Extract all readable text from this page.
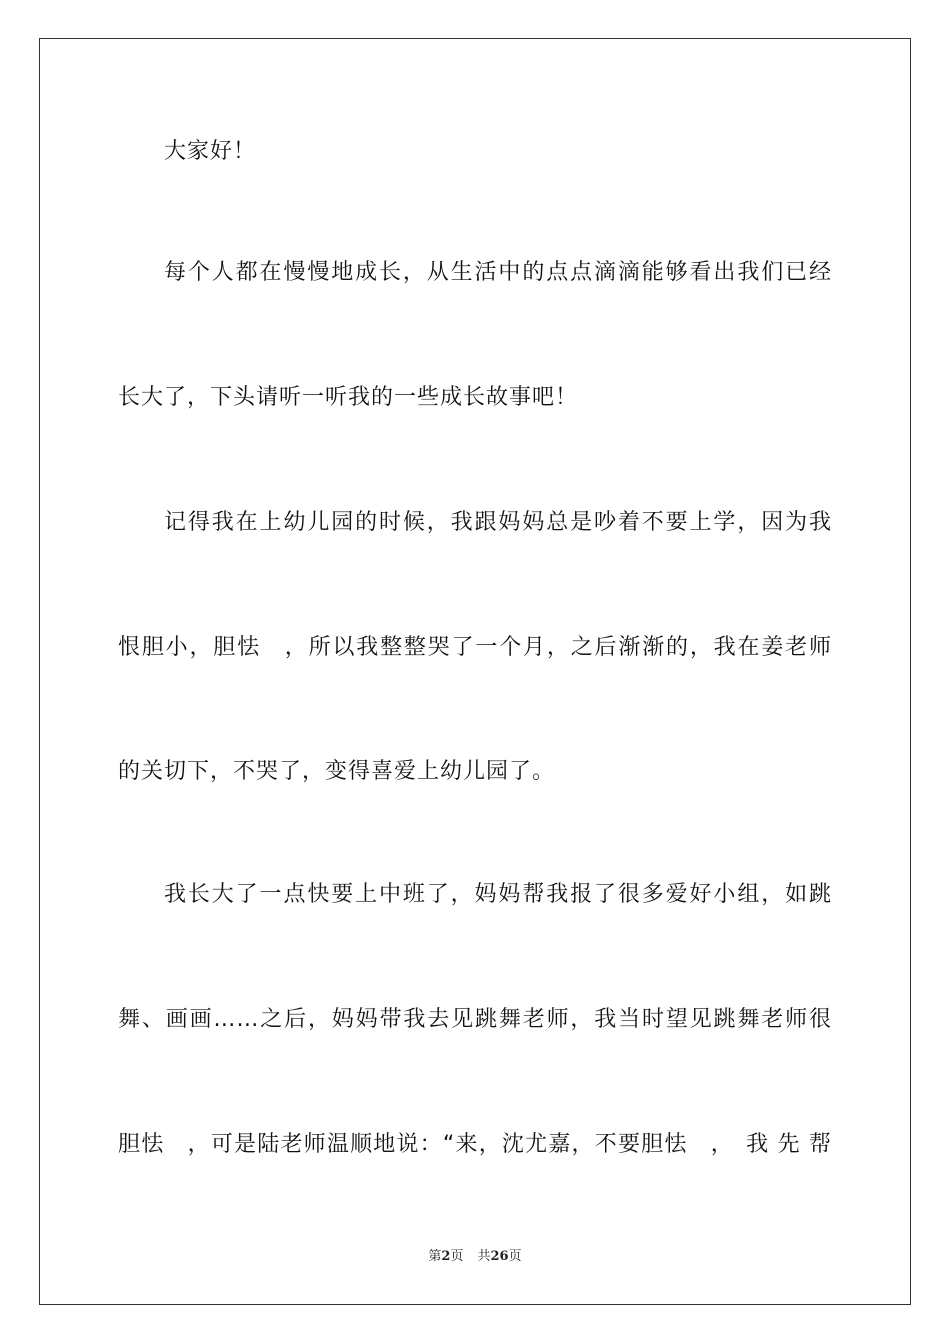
大家好！
每个人都在慢慢地成长，从生活中的点点滴滴能够看出我们已经
长大了，下头请听一听我的一些成长故事吧！
记得我在上幼儿园的时候，我跟妈妈总是吵着不要上学，因为我
恨胆小，胆怯　，所以我整整哭了一个月，之后渐渐的，我在姜老师
的关切下，不哭了，变得喜爱上幼儿园了。
我长大了一点快要上中班了，妈妈帮我报了很多爱好小组，如跳
舞、画画……之后，妈妈带我去见跳舞老师，我当时望见跳舞老师很
胆怯　，可是陆老师温顺地说：“来，沈尤嘉，不要胆怯　，　我 先 帮
第2页 共26页
